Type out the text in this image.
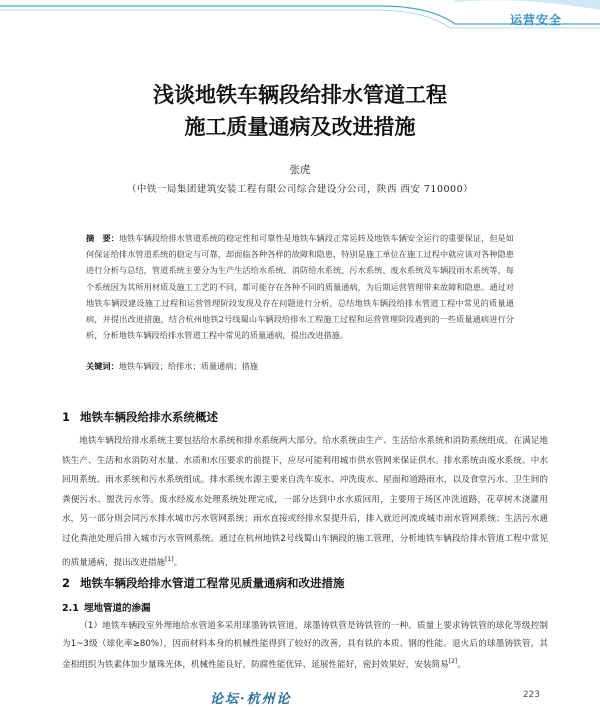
运营安全
浅谈地铁车辆段给排水管道工程
施工质量通病及改进措施
张虎
（中铁一局集团建筑安装工程有限公司综合建设分公司，陕西 西安 710000）
摘　要：地铁车辆段给排水管道系统的稳定性和可靠性是地铁车辆段正常运转及地铁车辆安全运行的重要保证，但是如何保证给排水管道系统的稳定与可靠，却面临各种各样的故障和隐患，特别是施工单位在施工过程中就应该对各种隐患进行分析与总结，管道系统主要分为生产生活给水系统、消防给水系统、污水系统、废水系统及车辆段雨水系统等，每个系统因为其所用材质及施工工艺的不同，都可能存在各种不同的质量通病，为后期运营管理带来故障和隐患。通过对地铁车辆段建设施工过程和运营管理阶段发现及存在问题进行分析，总结地铁车辆段给排水管道工程中常见的质量通病，并提出改进措施，结合杭州地铁2号线蜀山车辆段给排水工程施工过程和运营管理阶段遇到的一些质量通病进行分析，分析地铁车辆段给排水管道工程中常见的质量通病，提出改进措施。
关键词：地铁车辆段；给排水；质量通病；措施
1 地铁车辆段给排水系统概述
地铁车辆段给排水系统主要包括给水系统和排水系统两大部分。给水系统由生产、生活给水系统和消防系统组成。在满足地铁生产、生活和水消防对水量、水质和水压要求的前提下，应尽可能利用城市供水管网来保证供水。排水系统由废水系统、中水回用系统、雨水系统和污水系统组成。排水系统水源主要来自洗车废水、冲洗废水、屋面和道路雨水，以及食堂污水、卫生间的粪便污水、盥洗污水等。废水经废水处理系统处理完成，一部分达到中水水质回用，主要用于场区冲洗道路，花草树木浇灌用水，另一部分则会同污水排水城市污水管网系统；雨水直接或经排水泵提升后，排入就近河流或城市雨水管网系统；生活污水通过化粪池处理后排入城市污水管网系统。通过在杭州地铁2号线蜀山车辆段的施工管理，分析地铁车辆段给排水管道工程中常见的质量通病，提出改进措施[1]。
2 地铁车辆段给排水管道工程常见质量通病和改进措施
2.1 埋地管道的渗漏
（1）地铁车辆段室外埋地给水管道多采用球墨铸铁管道，球墨铸铁管是铸铁管的一种。质量上要求铸铁管的球化等级控制为1~3级（球化率≥80%），因而材料本身的机械性能得到了较好的改善，具有铁的本质、钢的性能。退火后的球墨铸铁管，其金相组织为铁素体加少量珠光体，机械性能良好，防腐性能优异、延展性能好，密封效果好，安装简易[2]。
论坛·杭州论	223
